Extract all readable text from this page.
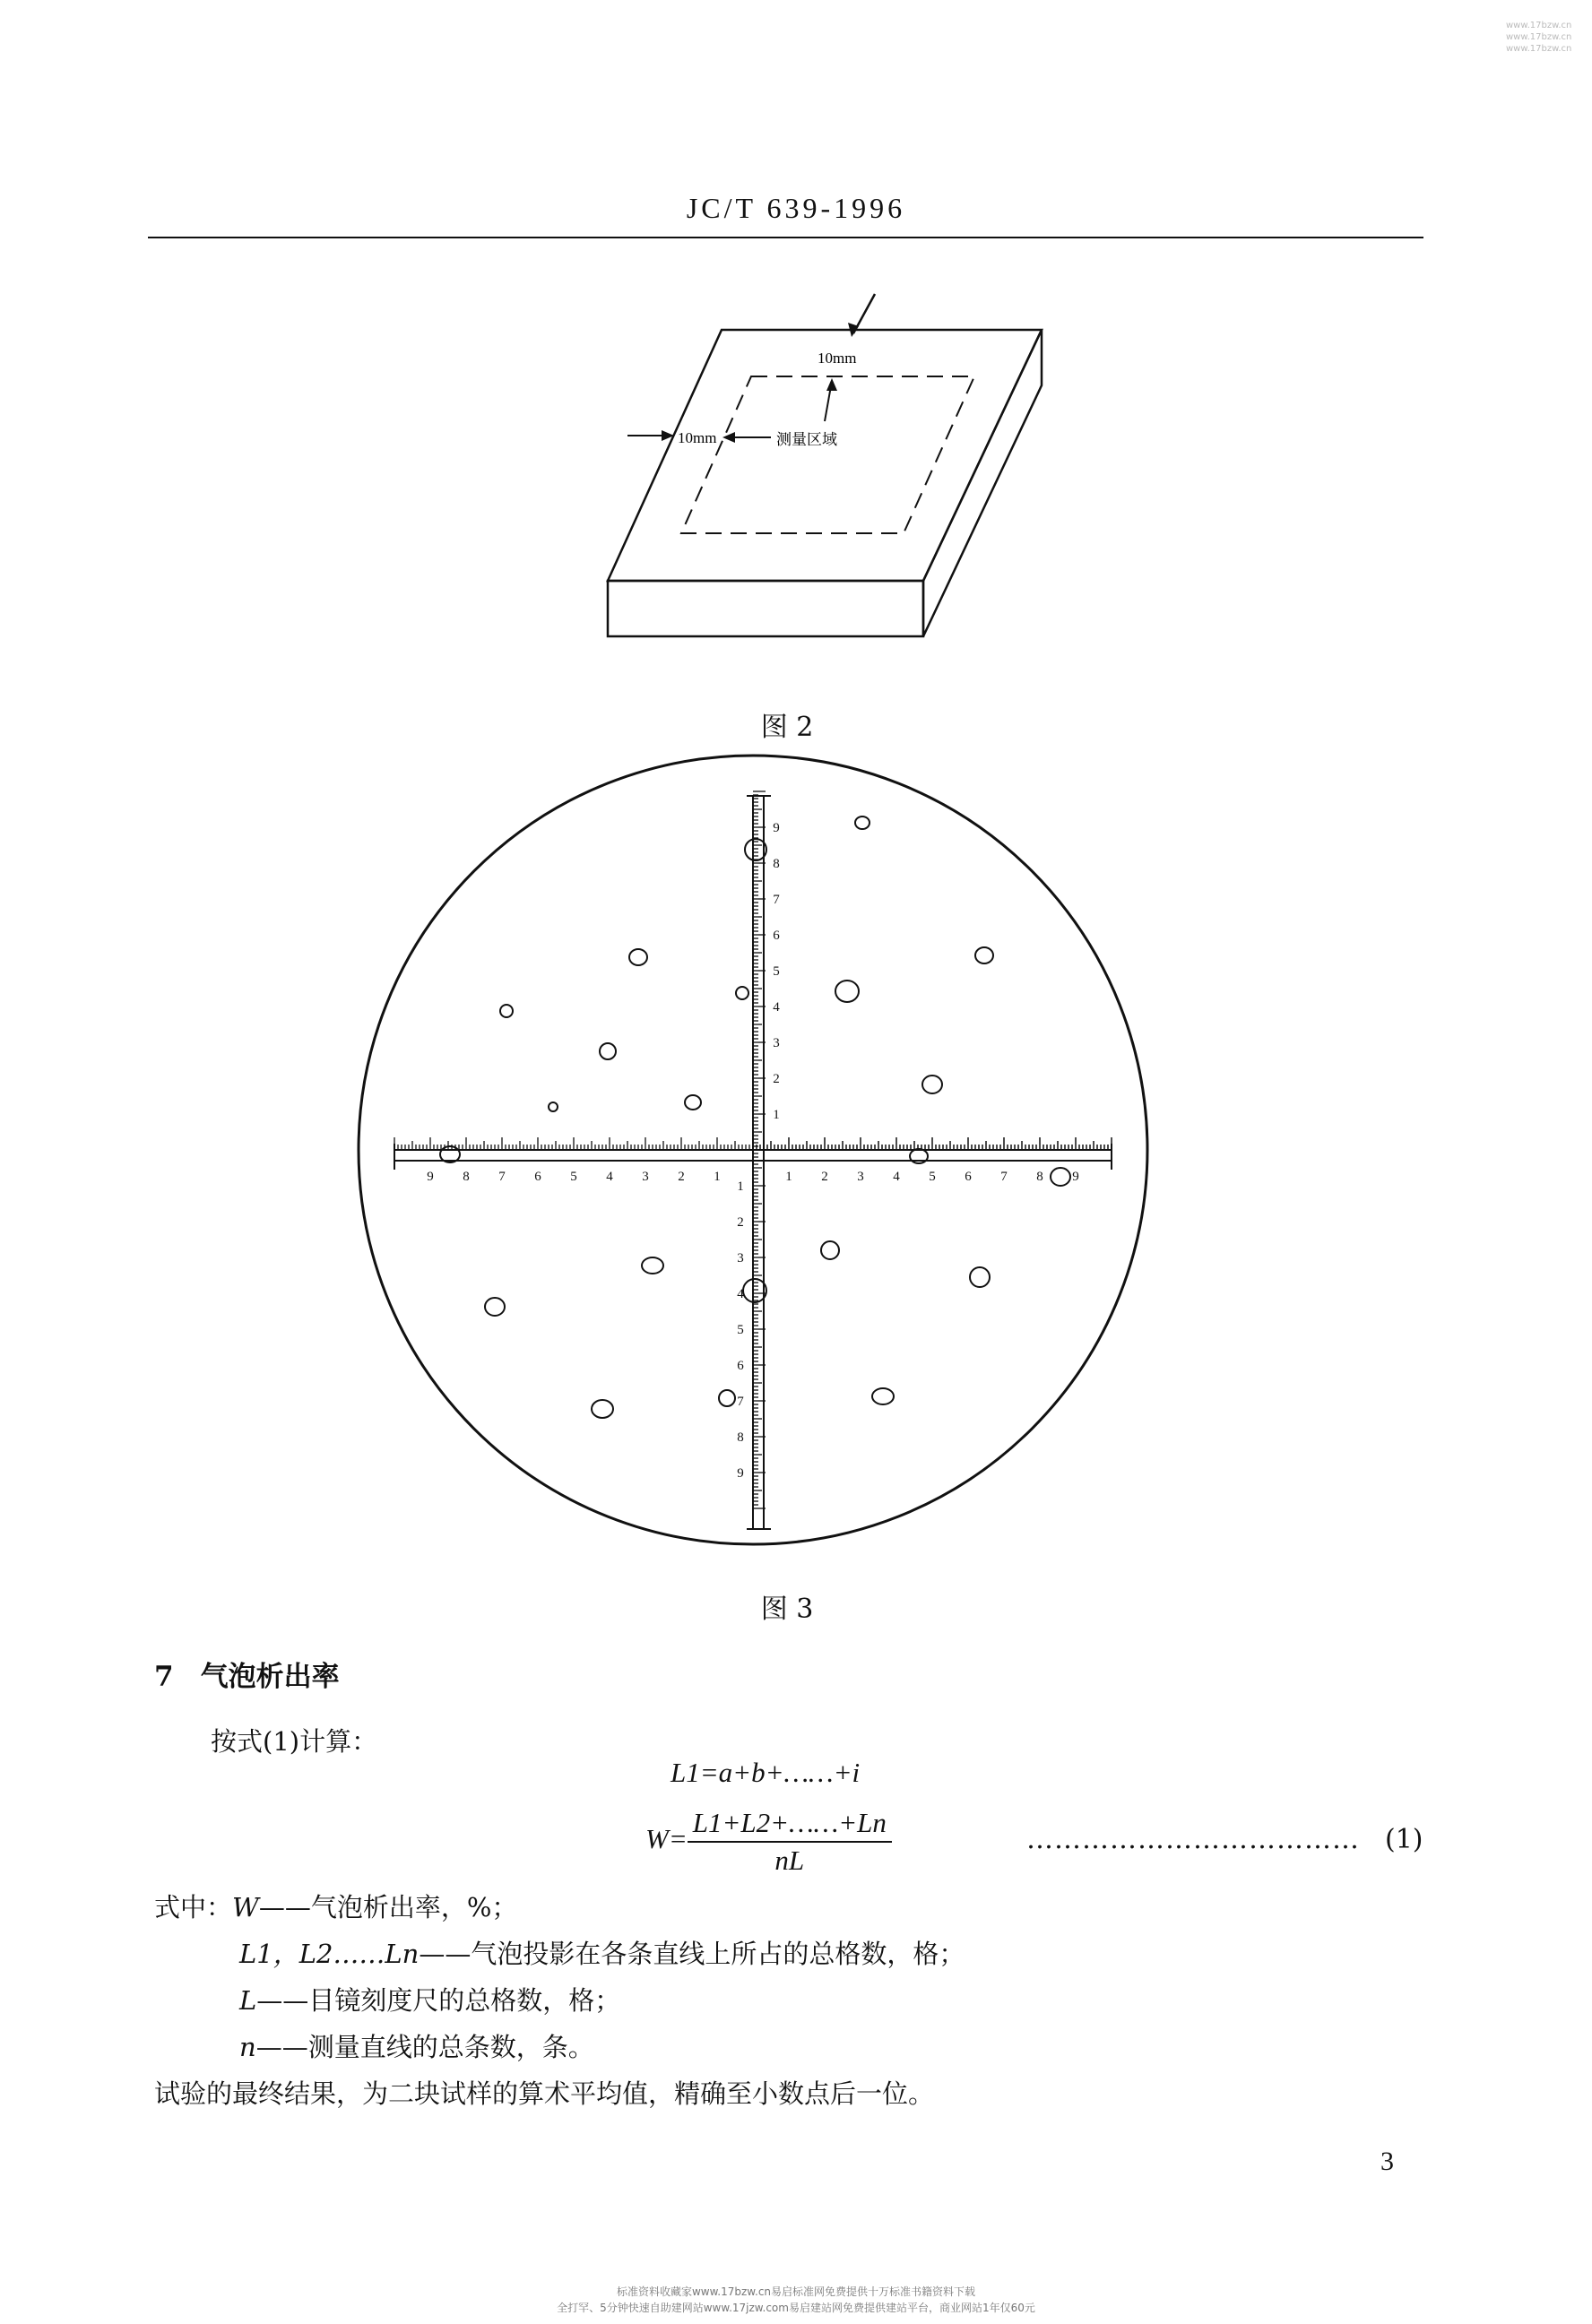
www.17bzw.cn
www.17bzw.cn
www.17bzw.cn
JC/T 639-1996
10mm
10mm	测量区域
图 2
1 2 3 4 5 6 7 8 9
1
2
3
4
5
6
7
8
9
1
2
3
4
5
6
7
8
9
1
2
3
4
5
6
7
8
9
图 3
7 气泡析出率
按式(1)计算：
L1=a+b+……+i
$W= \frac{L1+L2+\dots\dots+Ln}{nL}$	……………………………… (1)
式中：W——气泡析出率，%；
L1，L2……Ln——气泡投影在各条直线上所占的总格数，格；
L——目镜刻度尺的总格数，格；
n——测量直线的总条数，条。
试验的最终结果，为二块试样的算术平均值，精确至小数点后一位。
3
标准资料收藏家www.17bzw.cn易启标准网免费提供十万标准书籍资料下载
全打罕、5分钟快速自助建网站www.17jzw.com易启建站网免费提供建站平台，商业网站1年仅60元
